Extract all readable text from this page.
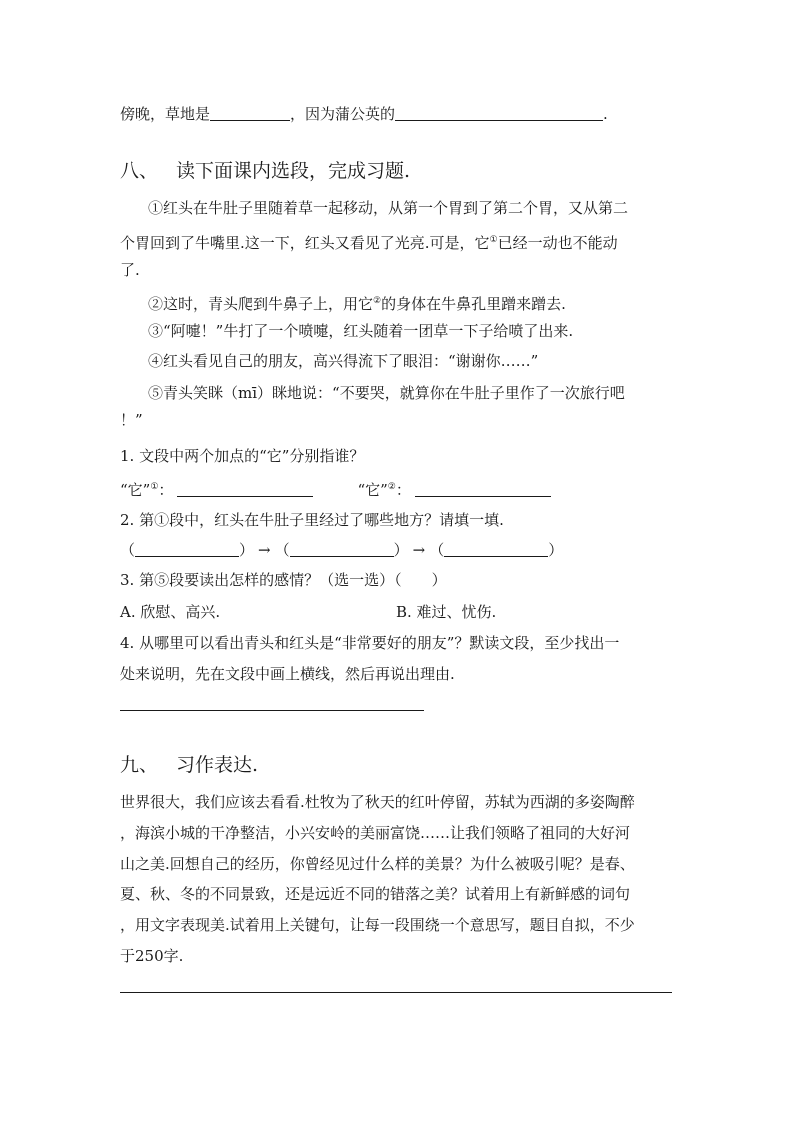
傍晚，草地是	，因为蒲公英的	.
八、 读下面课内选段，完成习题.
①红头在牛肚子里随着草一起移动，从第一个胃到了第二个胃，又从第二
个胃回到了牛嘴里.这一下，红头又看见了光亮.可是，它①已经一动也不能动
了.
②这时，青头爬到牛鼻子上，用它②的身体在牛鼻孔里蹭来蹭去.
③“阿嚏！”牛打了一个喷嚏，红头随着一团草一下子给喷了出来.
④红头看见自己的朋友，高兴得流下了眼泪：“谢谢你……”
⑤青头笑眯（mī）眯地说：“不要哭，就算你在牛肚子里作了一次旅行吧
！”
1. 文段中两个加点的“它”分别指谁？
“它”①：	“它”②：
2. 第①段中，红头在牛肚子里经过了哪些地方？请填一填.
（	） → （	） → （	）
3. 第⑤段要读出怎样的感情？（选一选）（　　）
A. 欣慰、高兴.	B. 难过、忧伤.
4. 从哪里可以看出青头和红头是“非常要好的朋友”？默读文段，至少找出一
处来说明，先在文段中画上横线，然后再说出理由.
九、 习作表达.
世界很大，我们应该去看看.杜牧为了秋天的红叶停留，苏轼为西湖的多姿陶醉
，海滨小城的干净整洁，小兴安岭的美丽富饶……让我们领略了祖同的大好河
山之美.回想自己的经历，你曾经见过什么样的美景？为什么被吸引呢？是春、
夏、秋、冬的不同景致，还是远近不同的错落之美？试着用上有新鲜感的词句
，用文字表现美.试着用上关键句，让每一段围绕一个意思写，题目自拟，不少
于250字.
